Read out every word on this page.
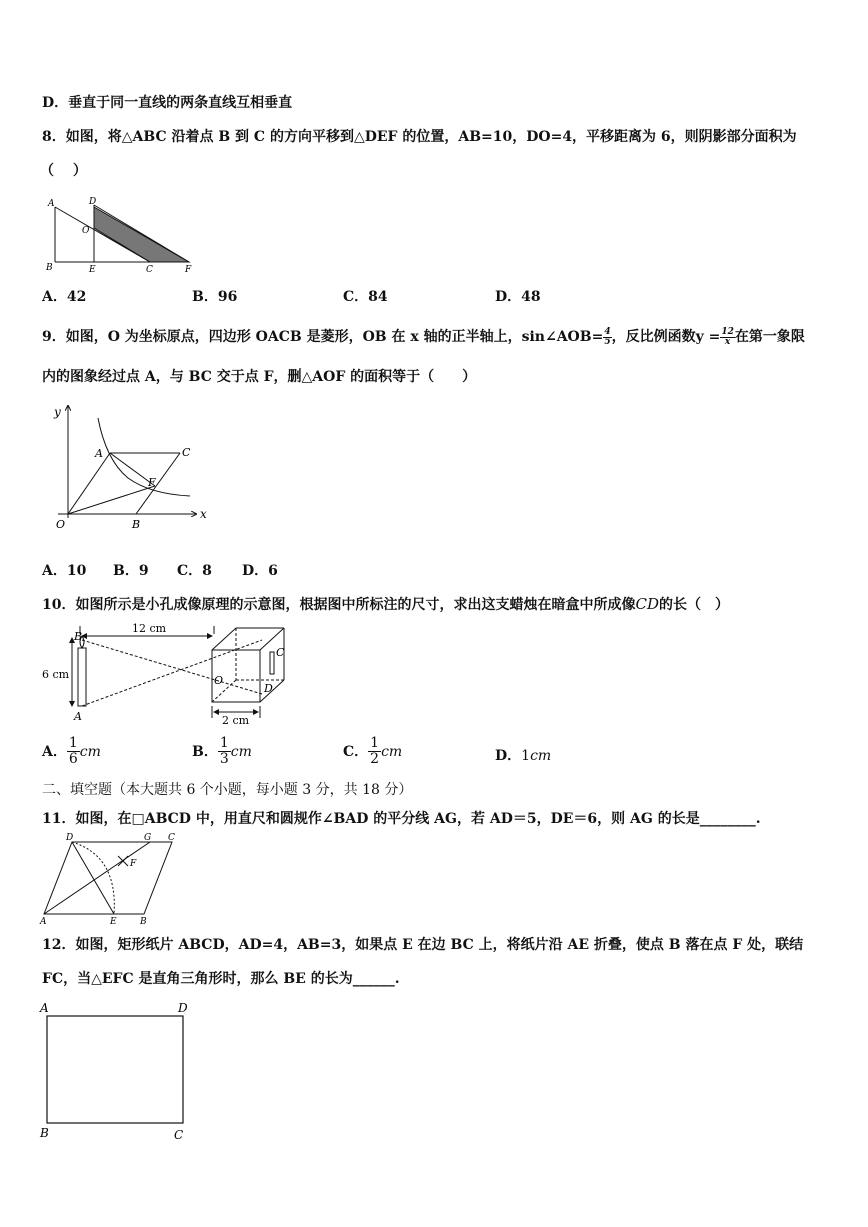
D．垂直于同一直线的两条直线互相垂直
8．如图，将△ABC 沿着点 B 到 C 的方向平移到△DEF 的位置，AB=10，DO=4，平移距离为 6，则阴影部分面积为
（　 ）
A	D
O
B	E	C	F
A．42	B．96	C．84	D．48
9．如图，O 为坐标原点，四边形 OACB 是菱形，OB 在 x 轴的正半轴上，sin∠AOB= $\frac{4}{5}$ ，反比例函数$y = \frac{12}{x}$ 在第一象限
内的图象经过点 A，与 BC 交于点 F，删△AOF 的面积等于（　　）
y
x
A	C
F
O	B
A．10 B．9 C．8 D．6
10．如图所示是小孔成像原理的示意图，根据图中所标注的尺寸，求出这支蜡烛在暗盒中所成像CD的长（　）
12 cm
6 cm
2 cm
B
A
O
C
D
A． $\frac{1}{6}$ cm	B． $\frac{1}{3}$ cm	C． $\frac{1}{2}$ cm	D．1cm
二、填空题（本大题共 6 个小题，每小题 3 分，共 18 分）
11．如图，在□ABCD 中，用直尺和圆规作∠BAD 的平分线 AG，若 AD＝5，DE＝6，则 AG 的长是________.
D	G C
F
A	E	B
12．如图，矩形纸片 ABCD，AD=4，AB=3，如果点 E 在边 BC 上，将纸片沿 AE 折叠，使点 B 落在点 F 处，联结
FC，当△EFC 是直角三角形时，那么 BE 的长为______.
A	D
B	C
